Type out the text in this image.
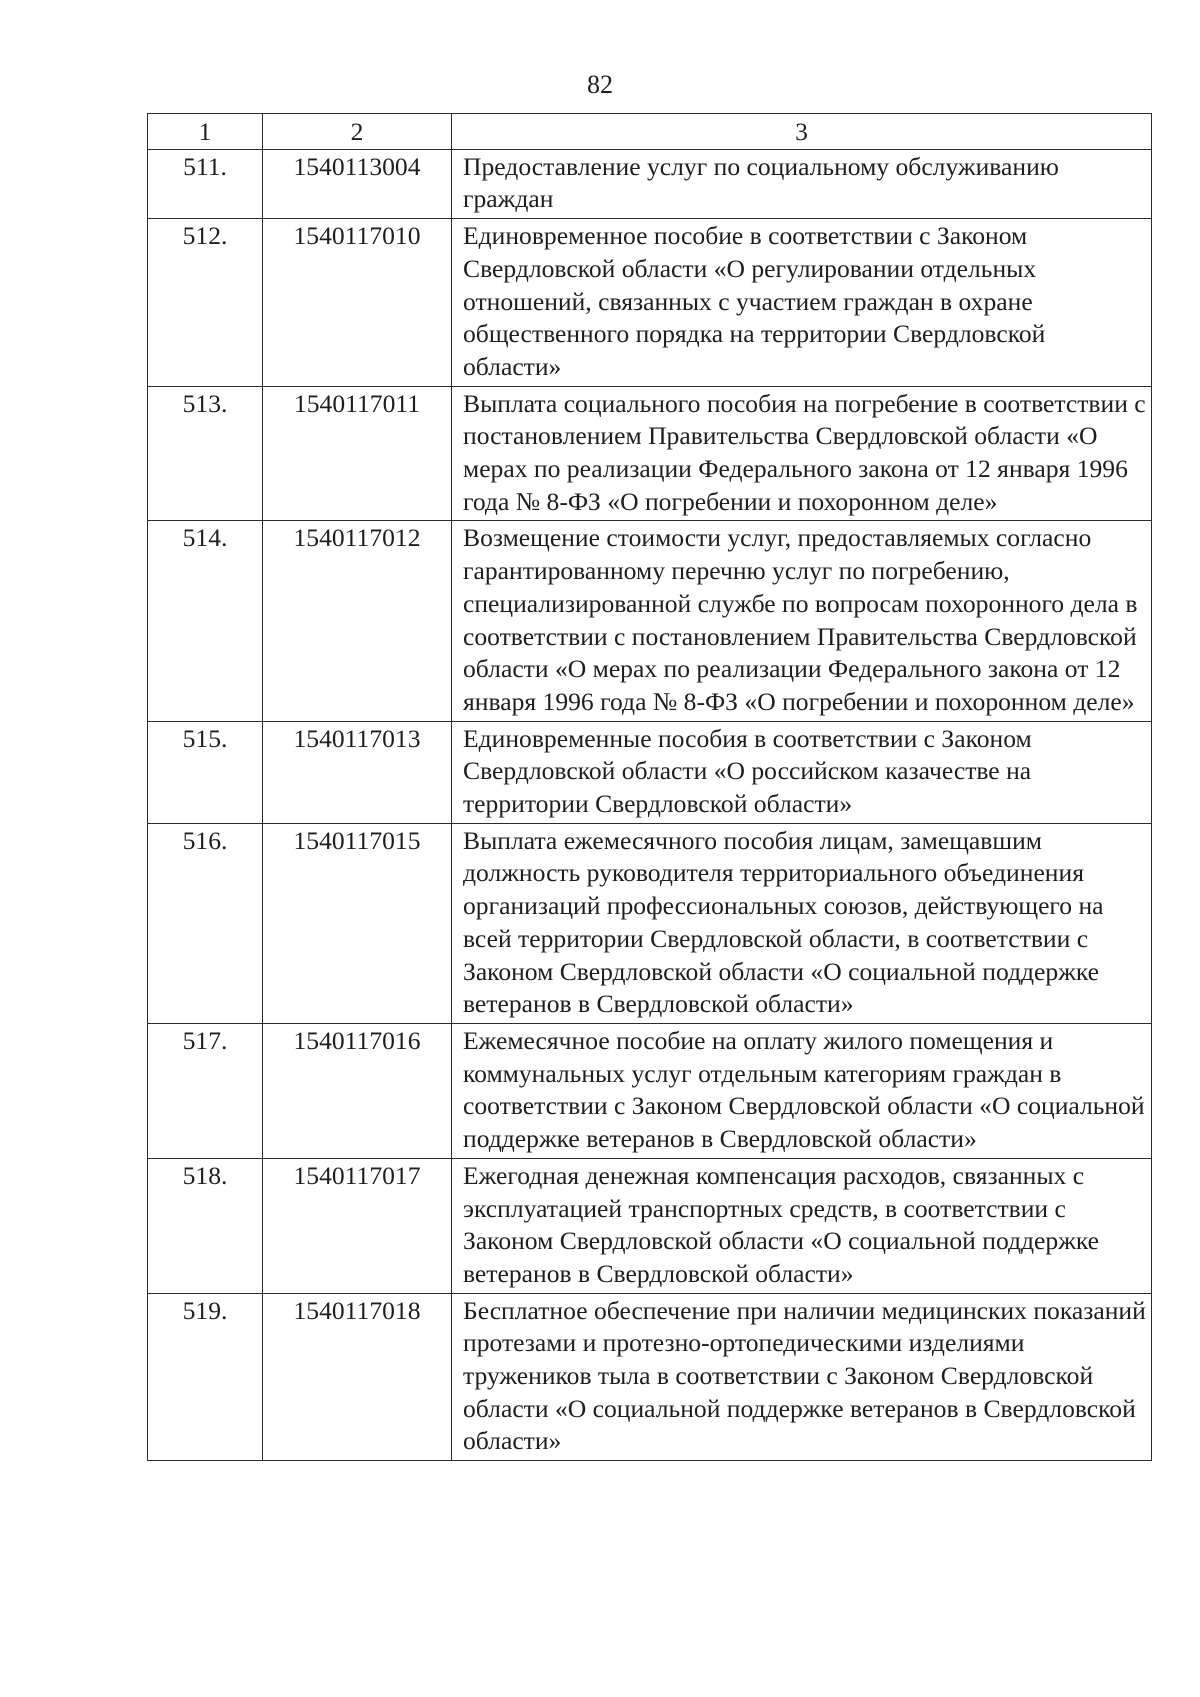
82
1	2	3
511.	1540113004	Предоставление услуг по социальному обслуживанию граждан
512.	1540117010	Единовременное пособие в соответствии с Законом Свердловской области «О регулировании отдельных отношений, связанных с участием граждан в охране общественного порядка на территории Свердловской области»
513.	1540117011	Выплата социального пособия на погребение в соответствии с постановлением Правительства Свердловской области «О мерах по реализации Федерального закона от 12 января 1996 года № 8-ФЗ «О погребении и похоронном деле»
514.	1540117012	Возмещение стоимости услуг, предоставляемых согласно гарантированному перечню услуг по погребению, специализированной службе по вопросам похоронного дела в соответствии с постановлением Правительства Свердловской области «О мерах по реализации Федерального закона от 12 января 1996 года № 8-ФЗ «О погребении и похоронном деле»
515.	1540117013	Единовременные пособия в соответствии с Законом Свердловской области «О российском казачестве на территории Свердловской области»
516.	1540117015	Выплата ежемесячного пособия лицам, замещавшим должность руководителя территориального объединения организаций профессиональных союзов, действующего на всей территории Свердловской области, в соответствии с Законом Свердловской области «О социальной поддержке ветеранов в Свердловской области»
517.	1540117016	Ежемесячное пособие на оплату жилого помещения и коммунальных услуг отдельным категориям граждан в соответствии с Законом Свердловской области «О социальной поддержке ветеранов в Свердловской области»
518.	1540117017	Ежегодная денежная компенсация расходов, связанных с эксплуатацией транспортных средств, в соответствии с Законом Свердловской области «О социальной поддержке ветеранов в Свердловской области»
519.	1540117018	Бесплатное обеспечение при наличии медицинских показаний протезами и протезно-ортопедическими изделиями тружеников тыла в соответствии с Законом Свердловской области «О социальной поддержке ветеранов в Свердловской области»
